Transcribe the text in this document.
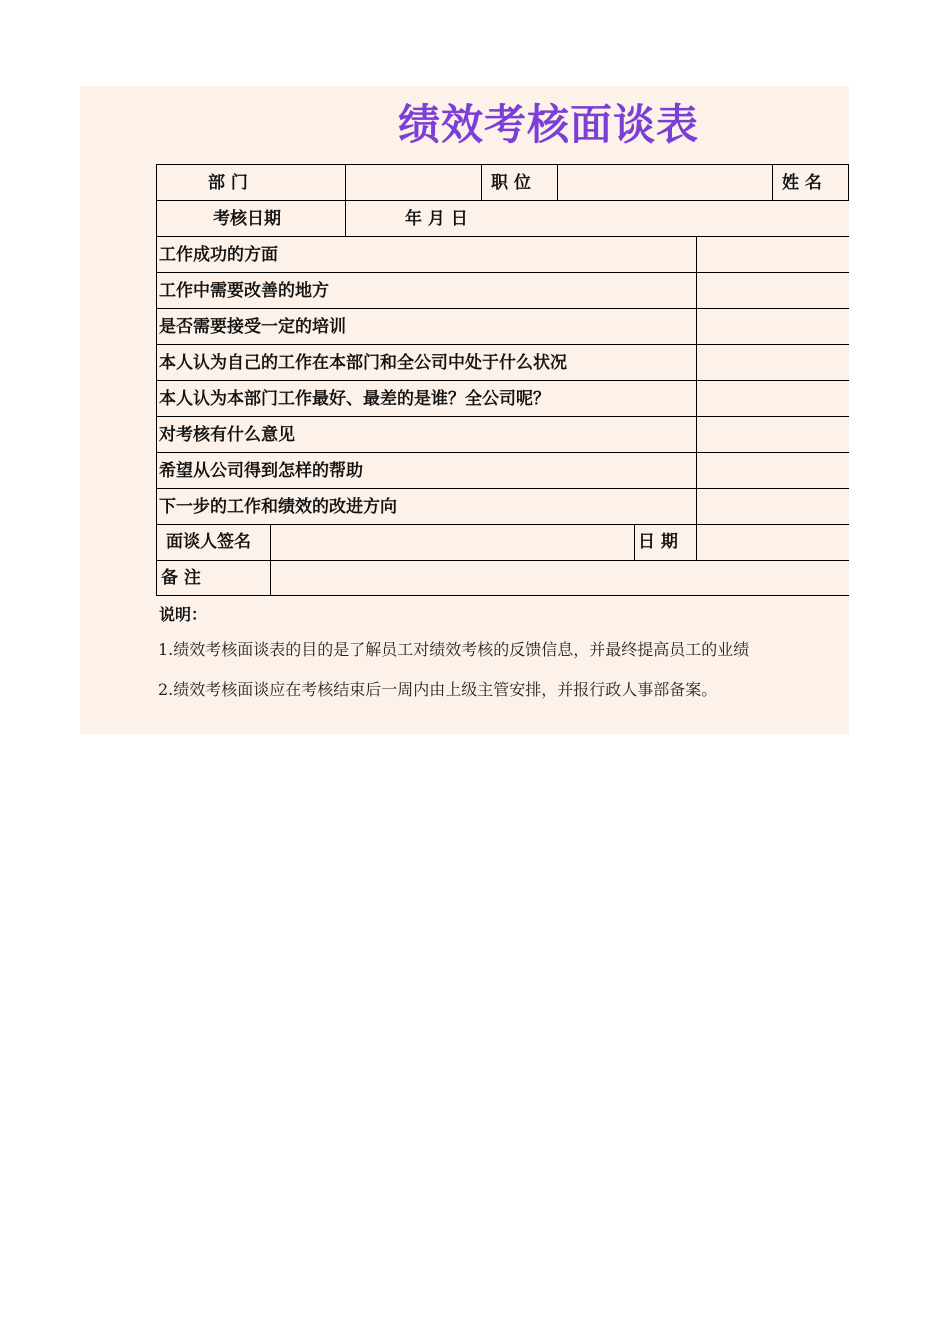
绩效考核面谈表
部 门	职 位	姓 名
考核日期	年 月 日
工作成功的方面
工作中需要改善的地方
是否需要接受一定的培训
本人认为自己的工作在本部门和全公司中处于什么状况
本人认为本部门工作最好、最差的是谁？全公司呢？
对考核有什么意见
希望从公司得到怎样的帮助
下一步的工作和绩效的改进方向
面谈人签名	日 期
备 注
说明：
1.绩效考核面谈表的目的是了解员工对绩效考核的反馈信息，并最终提高员工的业绩
2.绩效考核面谈应在考核结束后一周内由上级主管安排，并报行政人事部备案。
